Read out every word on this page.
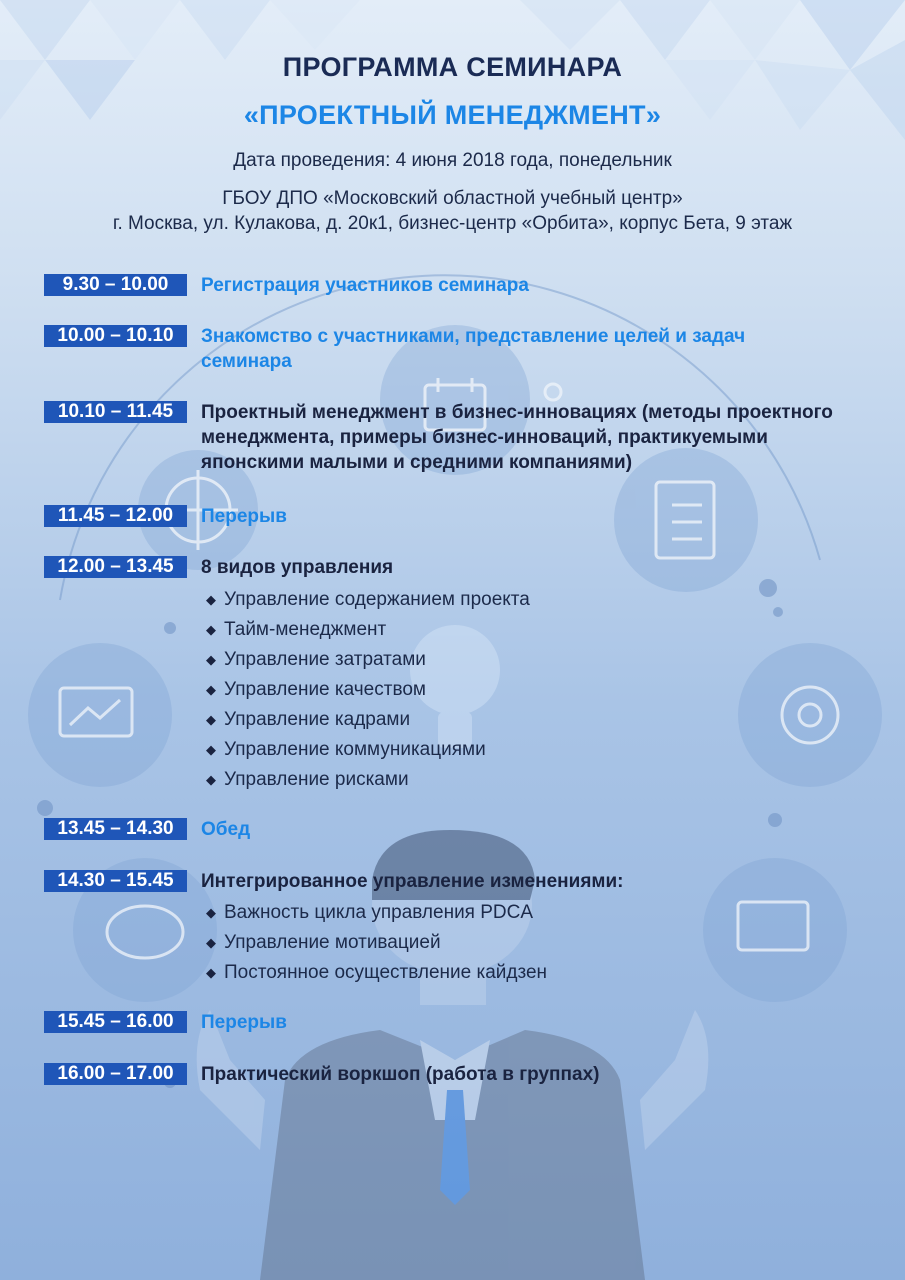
ПРОГРАММА СЕМИНАРА
«ПРОЕКТНЫЙ МЕНЕДЖМЕНТ»
Дата проведения: 4 июня 2018 года, понедельник
ГБОУ ДПО «Московский областной учебный центр»
г. Москва, ул. Кулакова, д. 20к1, бизнес-центр «Орбита», корпус Бета, 9 этаж
9.30 – 10.00	Регистрация участников семинара
10.00 – 10.10	Знакомство с участниками, представление целей и задач семинара
10.10 – 11.45	Проектный менеджмент в бизнес-инновациях (методы проектного менеджмента, примеры бизнес-инноваций, практикуемыми японскими малыми и средними компаниями)
11.45 – 12.00	Перерыв
12.00 – 13.45	8 видов управления
◆ Управление содержанием проекта
◆ Тайм-менеджмент
◆ Управление затратами
◆ Управление качеством
◆ Управление кадрами
◆ Управление коммуникациями
◆ Управление рисками
13.45 – 14.30	Обед
14.30 – 15.45	Интегрированное управление изменениями:
◆ Важность цикла управления PDCA
◆ Управление мотивацией
◆ Постоянное осуществление кайдзен
15.45 – 16.00	Перерыв
16.00 – 17.00	Практический воркшоп (работа в группах)
